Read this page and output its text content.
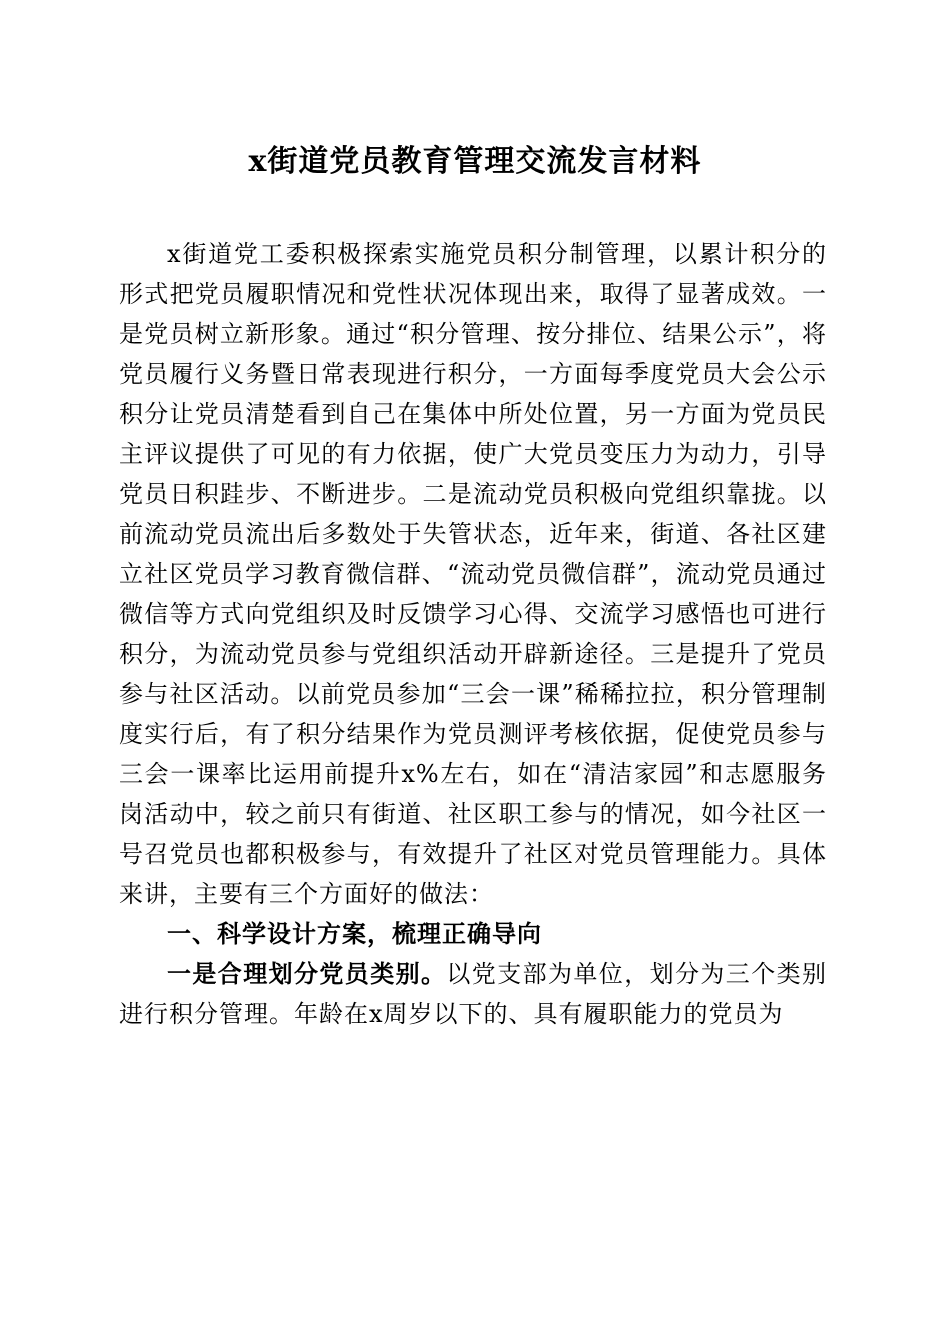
x街道党员教育管理交流发言材料

x街道党工委积极探索实施党员积分制管理，以累计积分的形式把党员履职情况和党性状况体现出来，取得了显著成效。一是党员树立新形象。通过“积分管理、按分排位、结果公示”，将党员履行义务暨日常表现进行积分，一方面每季度党员大会公示积分让党员清楚看到自己在集体中所处位置，另一方面为党员民主评议提供了可见的有力依据，使广大党员变压力为动力，引导党员日积跬步、不断进步。二是流动党员积极向党组织靠拢。以前流动党员流出后多数处于失管状态，近年来，街道、各社区建立社区党员学习教育微信群、“流动党员微信群”，流动党员通过微信等方式向党组织及时反馈学习心得、交流学习感悟也可进行积分，为流动党员参与党组织活动开辟新途径。三是提升了党员参与社区活动。以前党员参加“三会一课”稀稀拉拉，积分管理制度实行后，有了积分结果作为党员测评考核依据，促使党员参与三会一课率比运用前提升x%左右，如在“清洁家园”和志愿服务岗活动中，较之前只有街道、社区职工参与的情况，如今社区一号召党员也都积极参与，有效提升了社区对党员管理能力。具体来讲，主要有三个方面好的做法：

一、科学设计方案，梳理正确导向

一是合理划分党员类别。以党支部为单位，划分为三个类别进行积分管理。年龄在x周岁以下的、具有履职能力的党员为
